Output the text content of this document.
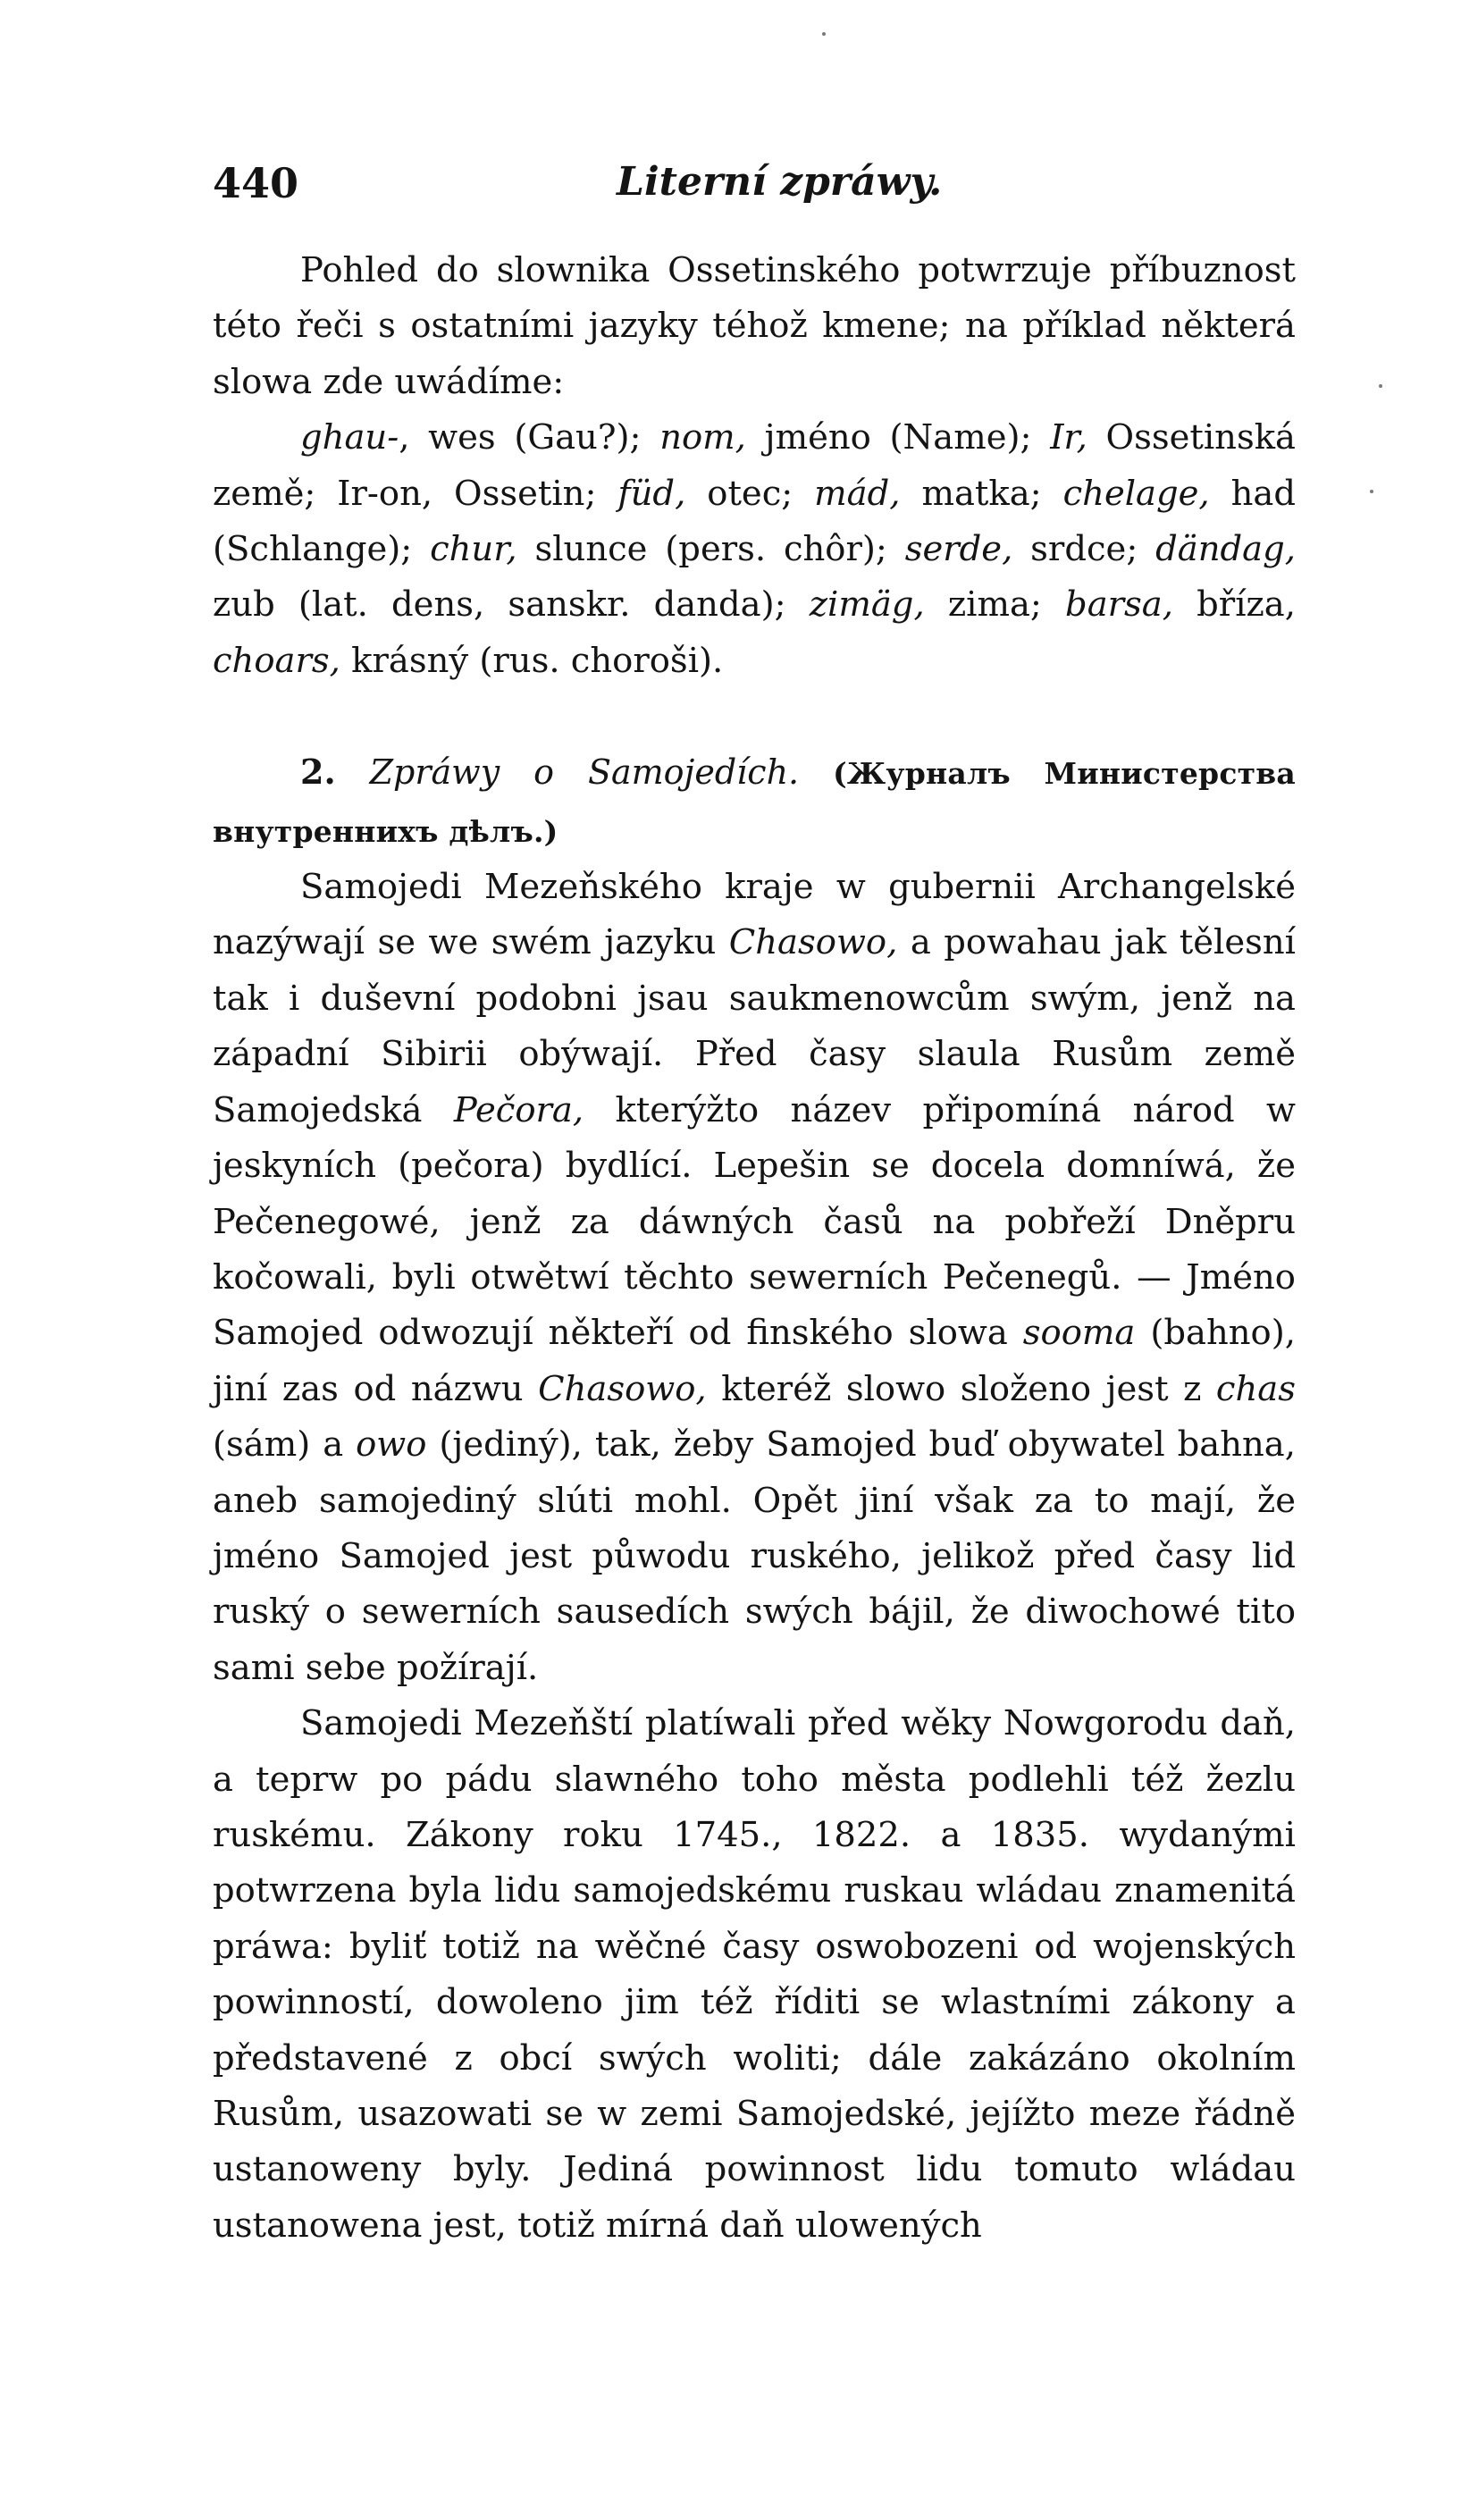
440	Literní zpráwy.

Pohled do slownika Ossetinského potwrzuje příbuznost této řeči s ostatními jazyky téhož kmene; na příklad některá slowa zde uwádíme:

ghau-, wes (Gau?); nom, jméno (Name); Ir, Ossetinská země; Ir-on, Ossetin; füd, otec; mád, matka; chelage, had (Schlange); chur, slunce (pers. chôr); serde, srdce; dändag, zub (lat. dens, sanskr. danda); zimäg, zima; barsa, bříza, choars, krásný (rus. choroši).

2. Zpráwy o Samojedích. (Журналъ Министерства внутреннихъ дѣлъ.)

Samojedi Mezeňského kraje w gubernii Archangelské nazýwají se we swém jazyku Chasowo, a powahau jak tělesní tak i duševní podobni jsau saukmenowcům swým, jenž na západní Sibirii obýwají. Před časy slaula Rusům země Samojedská Pečora, kterýžto název připomíná národ w jeskyních (pečora) bydlící. Lepešin se docela domníwá, že Pečenegowé, jenž za dáwných časů na pobřeží Dněpru kočowali, byli otwětwí těchto sewerních Pečenegů. — Jméno Samojed odwozují někteří od finského slowa sooma (bahno), jiní zas od názwu Chasowo, kteréž slowo složeno jest z chas (sám) a owo (jediný), tak, žeby Samojed buď obywatel bahna, aneb samojediný slúti mohl. Opět jiní však za to mají, že jméno Samojed jest půwodu ruského, jelikož před časy lid ruský o sewerních sausedích swých bájil, že diwochowé tito sami sebe požírají.

Samojedi Mezeňští platíwali před wěky Nowgorodu daň, a teprw po pádu slawného toho města podlehli též žezlu ruskému. Zákony roku 1745., 1822. a 1835. wydanými potwrzena byla lidu samojedskému ruskau wládau znamenitá práwa: byliť totiž na wěčné časy oswobozeni od wojenských powinností, dowoleno jim též říditi se wlastními zákony a představené z obcí swých woliti; dále zakázáno okolním Rusům, usazowati se w zemi Samojedské, jejížto meze řádně ustanoweny byly. Jediná powinnost lidu tomuto wládau ustanowena jest, totiž mírná daň ulowených
